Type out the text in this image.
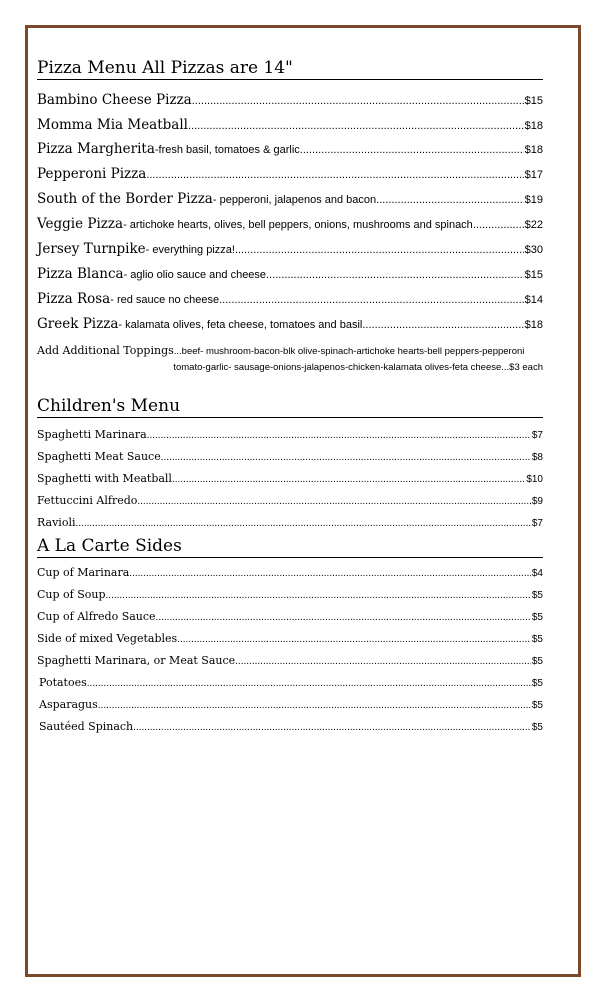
Pizza Menu All Pizzas are 14"
Bambino Cheese Pizza .....	$15
Momma Mia Meatball .....	$18
Pizza Margherita -fresh basil, tomatoes & garlic .....	$18
Pepperoni Pizza .....	$17
South of the Border Pizza - pepperoni, jalapenos and bacon .....	$19
Veggie Pizza - artichoke hearts, olives, bell peppers, onions, mushrooms and spinach .....	$22
Jersey Turnpike - everything pizza! .....	$30
Pizza Blanca - aglio olio sauce and cheese .....	$15
Pizza Rosa - red sauce no cheese .....	$14
Greek Pizza - kalamata olives, feta cheese, tomatoes and basil .....	$18
Add Additional Toppings...beef- mushroom-bacon-blk olive-spinach-artichoke hearts-bell peppers-pepperoni
tomato-garlic- sausage-onions-jalapenos-chicken-kalamata olives-feta cheese...$3 each
Children's Menu
Spaghetti Marinara .....	$7
Spaghetti Meat Sauce .....	$8
Spaghetti with Meatball .....	$10
Fettuccini Alfredo .....	$9
Ravioli .....	$7
A La Carte Sides
Cup of Marinara .....	$4
Cup of Soup .....	$5
Cup of Alfredo Sauce .....	$5
Side of mixed Vegetables .....	$5
Spaghetti Marinara, or Meat Sauce .....	$5
Potatoes .....	$5
Asparagus .....	$5
Sautéed Spinach .....	$5
